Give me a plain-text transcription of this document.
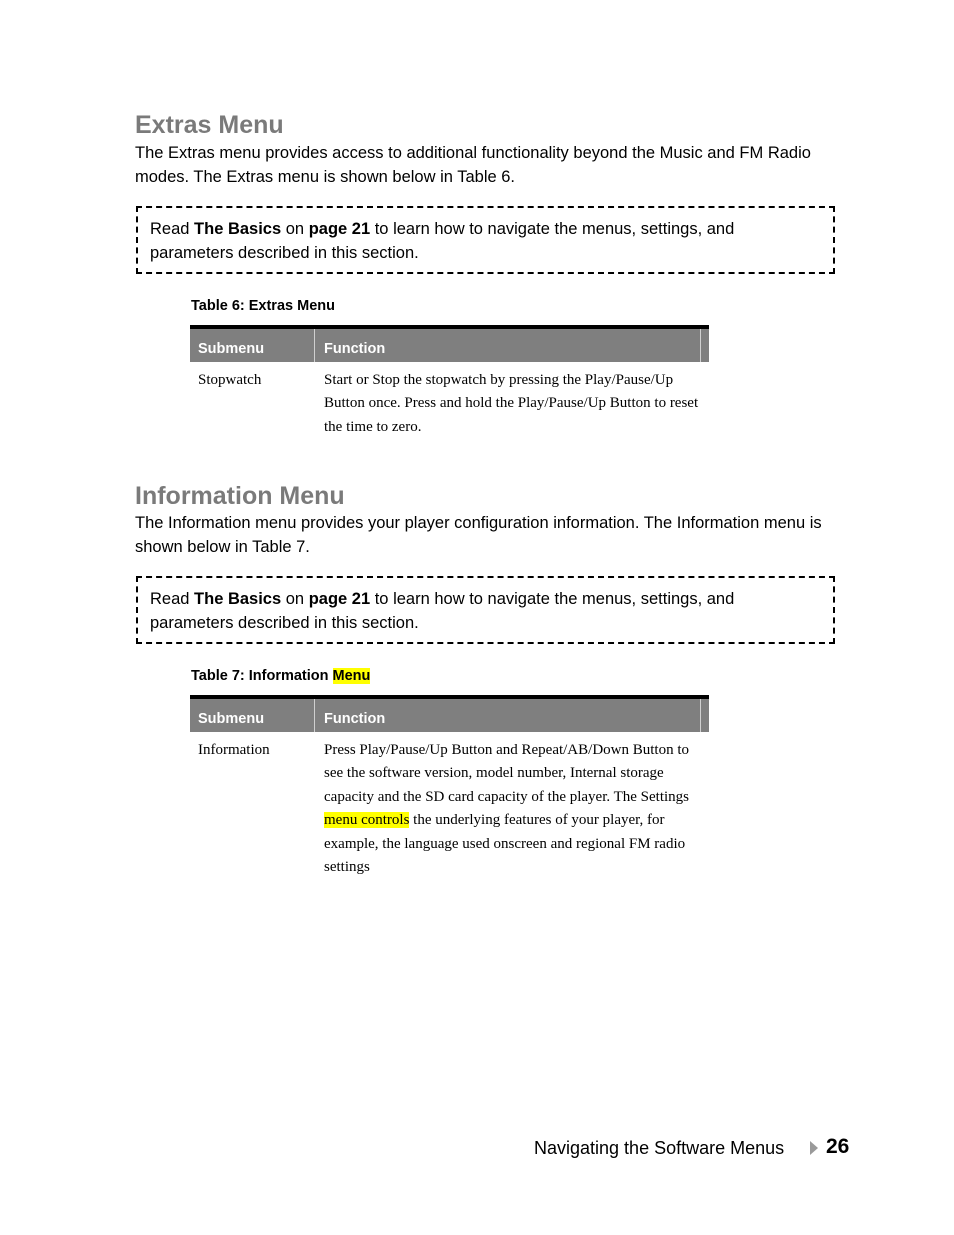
Extras Menu
The Extras menu provides access to additional functionality beyond the Music and FM Radio modes. The Extras menu is shown below in Table 6.
Read The Basics on page 21 to learn how to navigate the menus, settings, and parameters described in this section.
Table 6: Extras Menu
Submenu	Function
Stopwatch	Start or Stop the stopwatch by pressing the Play/Pause/Up Button once. Press and hold the Play/Pause/Up Button to reset the time to zero.
Information Menu
The Information menu provides your player configuration information. The Information menu is shown below in Table 7.
Read The Basics on page 21 to learn how to navigate the menus, settings, and parameters described in this section.
Table 7: Information Menu
Submenu	Function
Information	Press Play/Pause/Up Button and Repeat/AB/Down Button to see the software version, model number, Internal storage capacity and the SD card capacity of the player. The Settings menu controls the underlying features of your player, for example, the language used onscreen and regional FM radio settings
Navigating the Software Menus 26
